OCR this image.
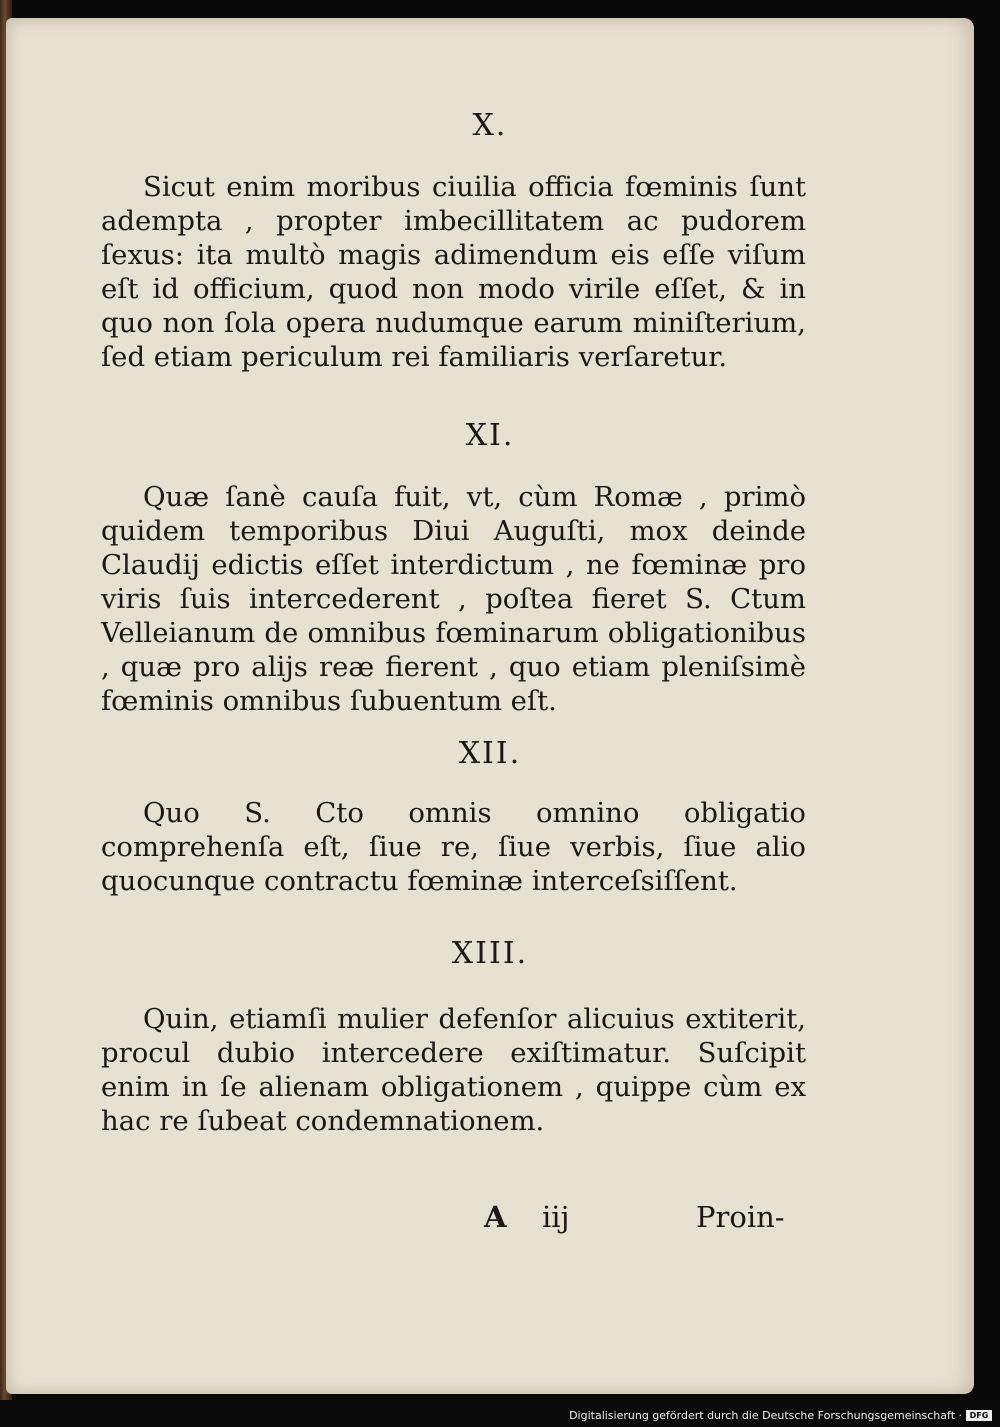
X.
Sicut enim moribus ciuilia officia fœminis ſunt adempta , propter imbecillitatem ac pudorem ſexus: ita multò magis adimendum eis eſſe viſum eſt id officium, quod non modo virile eſſet, & in quo non ſola opera nudumque earum miniſterium, ſed etiam periculum rei familiaris verſaretur.
XI.
Quæ ſanè cauſa fuit, vt, cùm Romæ , primò quidem temporibus Diui Auguſti, mox deinde Claudij edictis eſſet interdictum , ne fœminæ pro viris ſuis intercederent , poſtea fieret S. Ctum Velleianum de omnibus fœminarum obligationibus , quæ pro alijs reæ fierent , quo etiam pleniſsimè fœminis omnibus ſubuentum eſt.
XII.
Quo S. Cto omnis omnino obligatio comprehenſa eſt, ſiue re, ſiue verbis, ſiue alio quocunque contractu fœminæ interceſsiſſent.
XIII.
Quin, etiamſi mulier defenſor alicuius extiterit, procul dubio intercedere exiſtimatur. Suſcipit enim in ſe alienam obligationem , quippe cùm ex hac re ſubeat condemnationem.
A iij	Proin-
Digitalisierung gefördert durch die Deutsche Forschungsgemeinschaft · DFG
